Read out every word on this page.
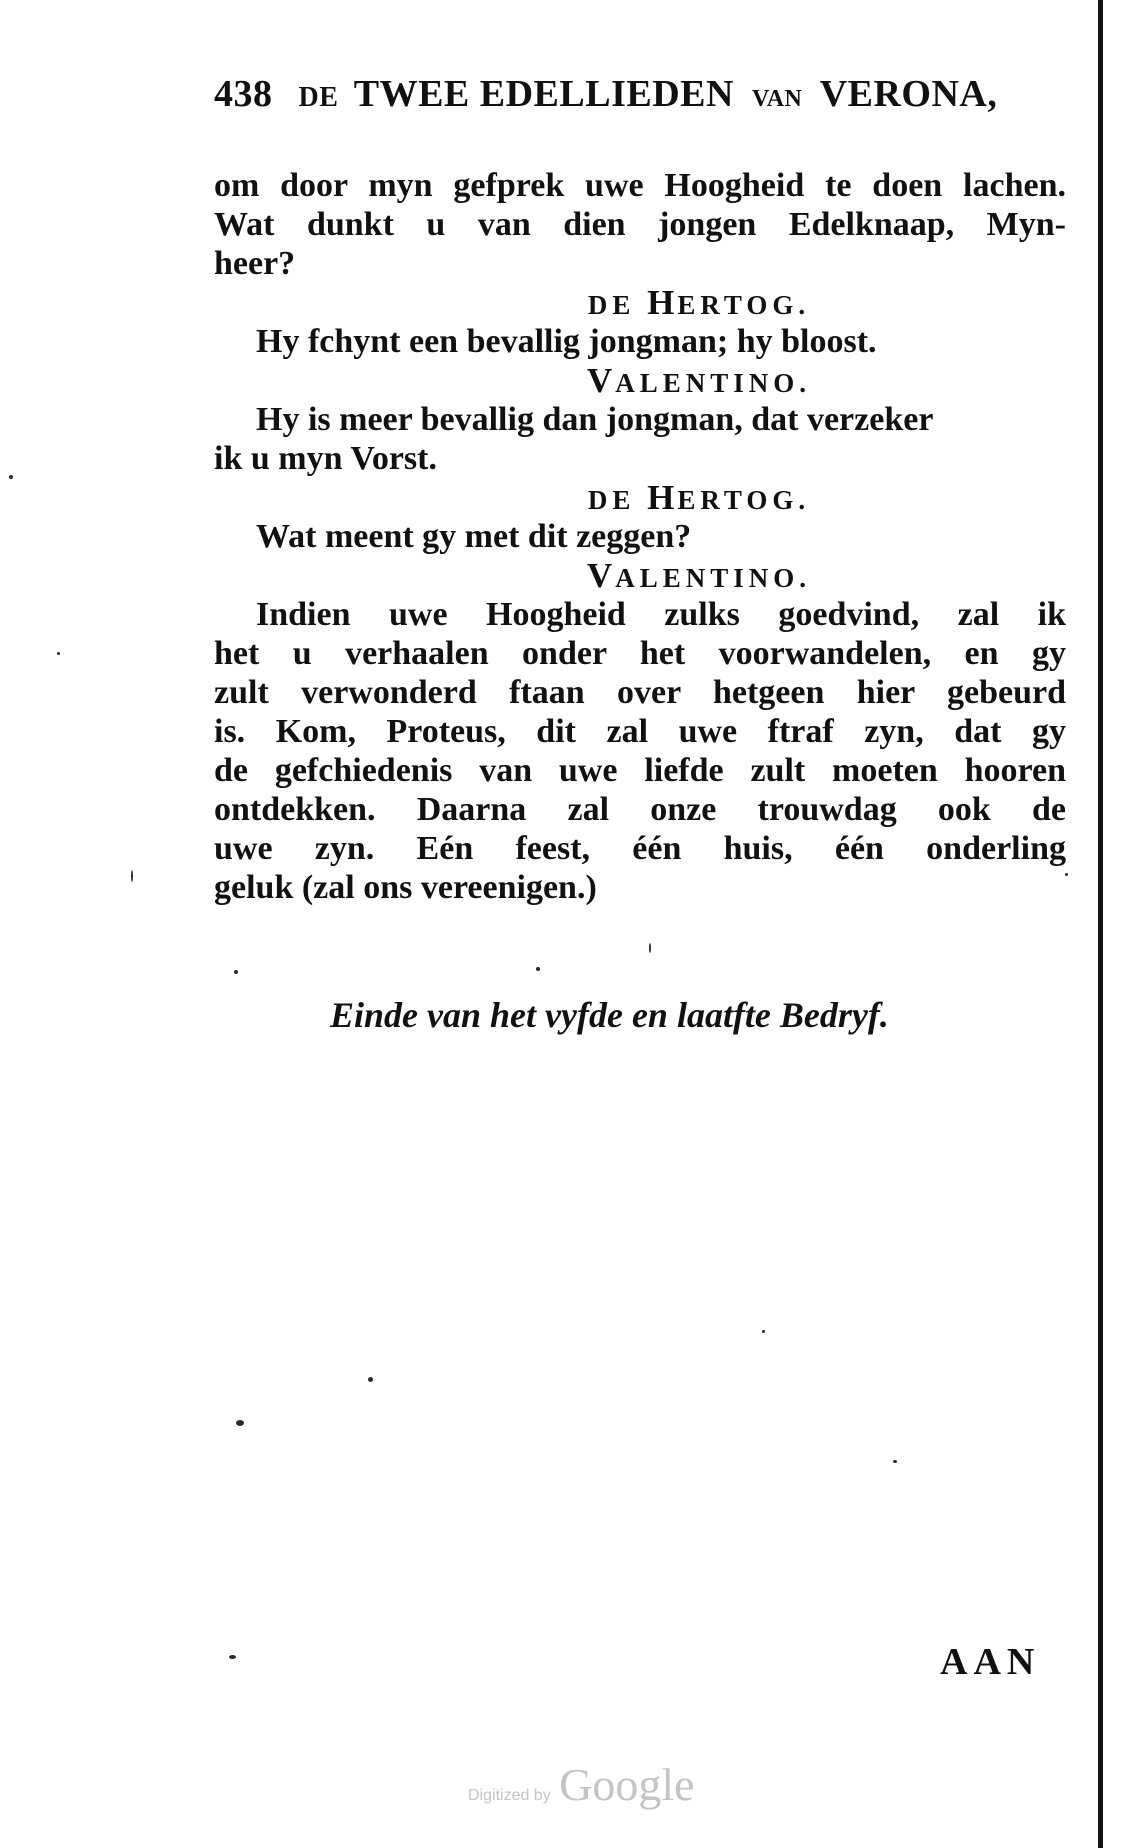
438 DE TWEE EDELLIEDEN VAN VERONA,
om door myn gefprek uwe Hoogheid te doen lachen.
Wat dunkt u van dien jongen Edelknaap, Myn-
heer?
DE HERTOG.
Hy fchynt een bevallig jongman; hy bloost.
VALENTINO.
Hy is meer bevallig dan jongman, dat verzeker
ik u myn Vorst.
DE HERTOG.
Wat meent gy met dit zeggen?
VALENTINO.
Indien uwe Hoogheid zulks goedvind, zal ik
het u verhaalen onder het voorwandelen, en gy
zult verwonderd ftaan over hetgeen hier gebeurd
is. Kom, Proteus, dit zal uwe ftraf zyn, dat gy
de gefchiedenis van uwe liefde zult moeten hooren
ontdekken. Daarna zal onze trouwdag ook de
uwe zyn. Eén feest, één huis, één onderling
geluk (zal ons vereenigen.)
Einde van het vyfde en laatfte Bedryf.
AAN
Digitized by Google
